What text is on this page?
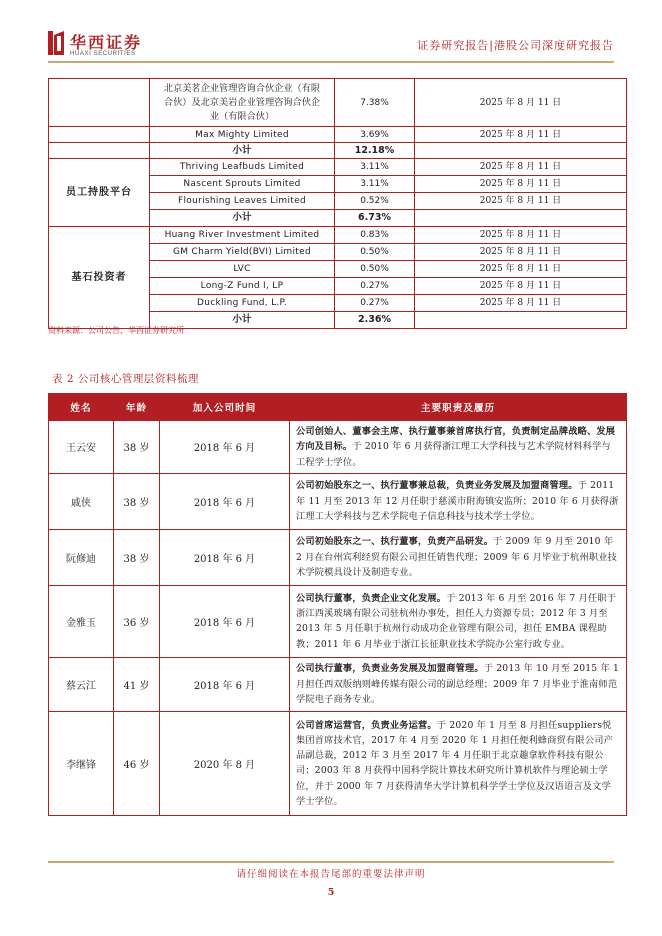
华西证券
HUAXI SECURITIES
证券研究报告|港股公司深度研究报告
	北京美茗企业管理咨询合伙企业（有限合伙）及北京美岩企业管理咨询合伙企业（有限合伙）	7.38%	2025 年 8 月 11 日
	Max Mighty Limited	3.69%	2025 年 8 月 11 日
	小计	12.18%	
员工持股平台	Thriving Leafbuds Limited	3.11%	2025 年 8 月 11 日
	Nascent Sprouts Limited	3.11%	2025 年 8 月 11 日
	Flourishing Leaves Limited	0.52%	2025 年 8 月 11 日
	小计	6.73%	
基石投资者	Huang River Investment Limited	0.83%	2025 年 8 月 11 日
	GM Charm Yield(BVI) Limited	0.50%	2025 年 8 月 11 日
	LVC	0.50%	2025 年 8 月 11 日
	Long-Z Fund I, LP	0.27%	2025 年 8 月 11 日
	Duckling Fund, L.P.	0.27%	2025 年 8 月 11 日
	小计	2.36%	
资料来源：公司公告，华西证券研究所
表 2 公司核心管理层资料梳理
姓名	年龄	加入公司时间	主要职责及履历
王云安	38 岁	2018 年 6 月	公司创始人、董事会主席、执行董事兼首席执行官，负责制定品牌战略、发展方向及目标。于 2010 年 6 月获得浙江理工大学科技与艺术学院材料科学与工程学士学位。
戚侠	38 岁	2018 年 6 月	公司初始股东之一、执行董事兼总裁，负责业务发展及加盟商管理。于 2011 年 11 月至 2013 年 12 月任职于慈溪市附海镇安监所；2010 年 6 月获得浙江理工大学科技与艺术学院电子信息科技与技术学士学位。
阮修迪	38 岁	2018 年 6 月	公司初始股东之一、执行董事，负责产品研发。于 2009 年 9 月至 2010 年 2 月在台州宾利经贸有限公司担任销售代理；2009 年 6 月毕业于杭州职业技术学院模具设计及制造专业。
金雅玉	36 岁	2018 年 6 月	公司执行董事，负责企业文化发展。于 2013 年 6 月至 2016 年 7 月任职于浙江西溪玻璃有限公司驻杭州办事处，担任人力资源专员；2012 年 3 月至 2013 年 5 月任职于杭州行动成功企业管理有限公司，担任 EMBA 课程助教；2011 年 6 月毕业于浙江长征职业技术学院办公室行政专业。
蔡云江	41 岁	2018 年 6 月	公司执行董事，负责业务发展及加盟商管理。于 2013 年 10 月至 2015 年 1 月担任西双版纳则峰传媒有限公司的副总经理；2009 年 7 月毕业于淮南师范学院电子商务专业。
李继锋	46 岁	2020 年 8 月	公司首席运营官，负责业务运营。于 2020 年 1 月至 8 月担任suppliers悦集团首席技术官，2017 年 4 月至 2020 年 1 月担任便利蜂商贸有限公司产品副总裁，2012 年 3 月至 2017 年 4 月任职于北京趣拿软件科技有限公司；2003 年 8 月获得中国科学院计算技术研究所计算机软件与理论硕士学位，并于 2000 年 7 月获得清华大学计算机科学学士学位及汉语语言及文学学士学位。
请仔细阅读在本报告尾部的重要法律声明
5
